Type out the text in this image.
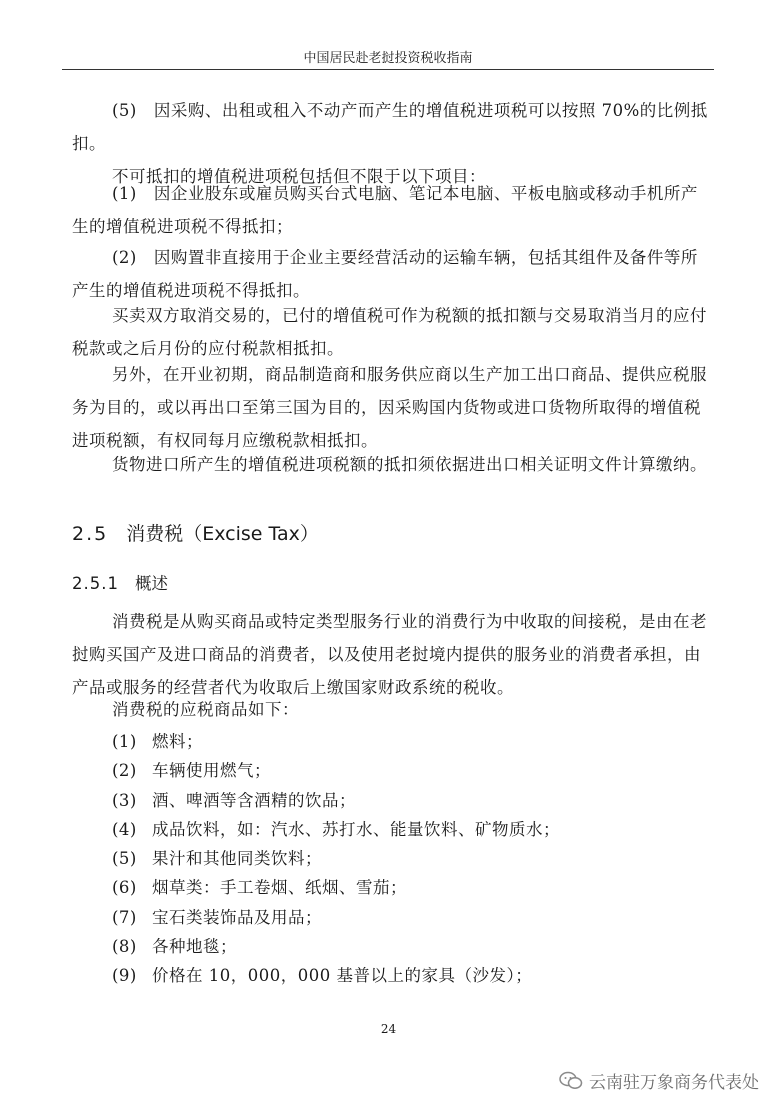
中国居民赴老挝投资税收指南
(5)　因采购、出租或租入不动产而产生的增值税进项税可以按照 70%的比例抵扣。
不可抵扣的增值税进项税包括但不限于以下项目：
(1)　因企业股东或雇员购买台式电脑、笔记本电脑、平板电脑或移动手机所产生的增值税进项税不得抵扣；
(2)　因购置非直接用于企业主要经营活动的运输车辆，包括其组件及备件等所产生的增值税进项税不得抵扣。
买卖双方取消交易的，已付的增值税可作为税额的抵扣额与交易取消当月的应付税款或之后月份的应付税款相抵扣。
另外，在开业初期，商品制造商和服务供应商以生产加工出口商品、提供应税服务为目的，或以再出口至第三国为目的，因采购国内货物或进口货物所取得的增值税进项税额，有权同每月应缴税款相抵扣。
货物进口所产生的增值税进项税额的抵扣须依据进出口相关证明文件计算缴纳。
2.5 消费税（Excise Tax）
2.5.1 概述
消费税是从购买商品或特定类型服务行业的消费行为中收取的间接税，是由在老挝购买国产及进口商品的消费者，以及使用老挝境内提供的服务业的消费者承担，由产品或服务的经营者代为收取后上缴国家财政系统的税收。
消费税的应税商品如下：
(1) 燃料；
(2) 车辆使用燃气；
(3) 酒、啤酒等含酒精的饮品；
(4) 成品饮料，如：汽水、苏打水、能量饮料、矿物质水；
(5) 果汁和其他同类饮料；
(6) 烟草类：手工卷烟、纸烟、雪茄；
(7) 宝石类装饰品及用品；
(8) 各种地毯；
(9) 价格在 10，000，000 基普以上的家具（沙发）；
24
云南驻万象商务代表处
